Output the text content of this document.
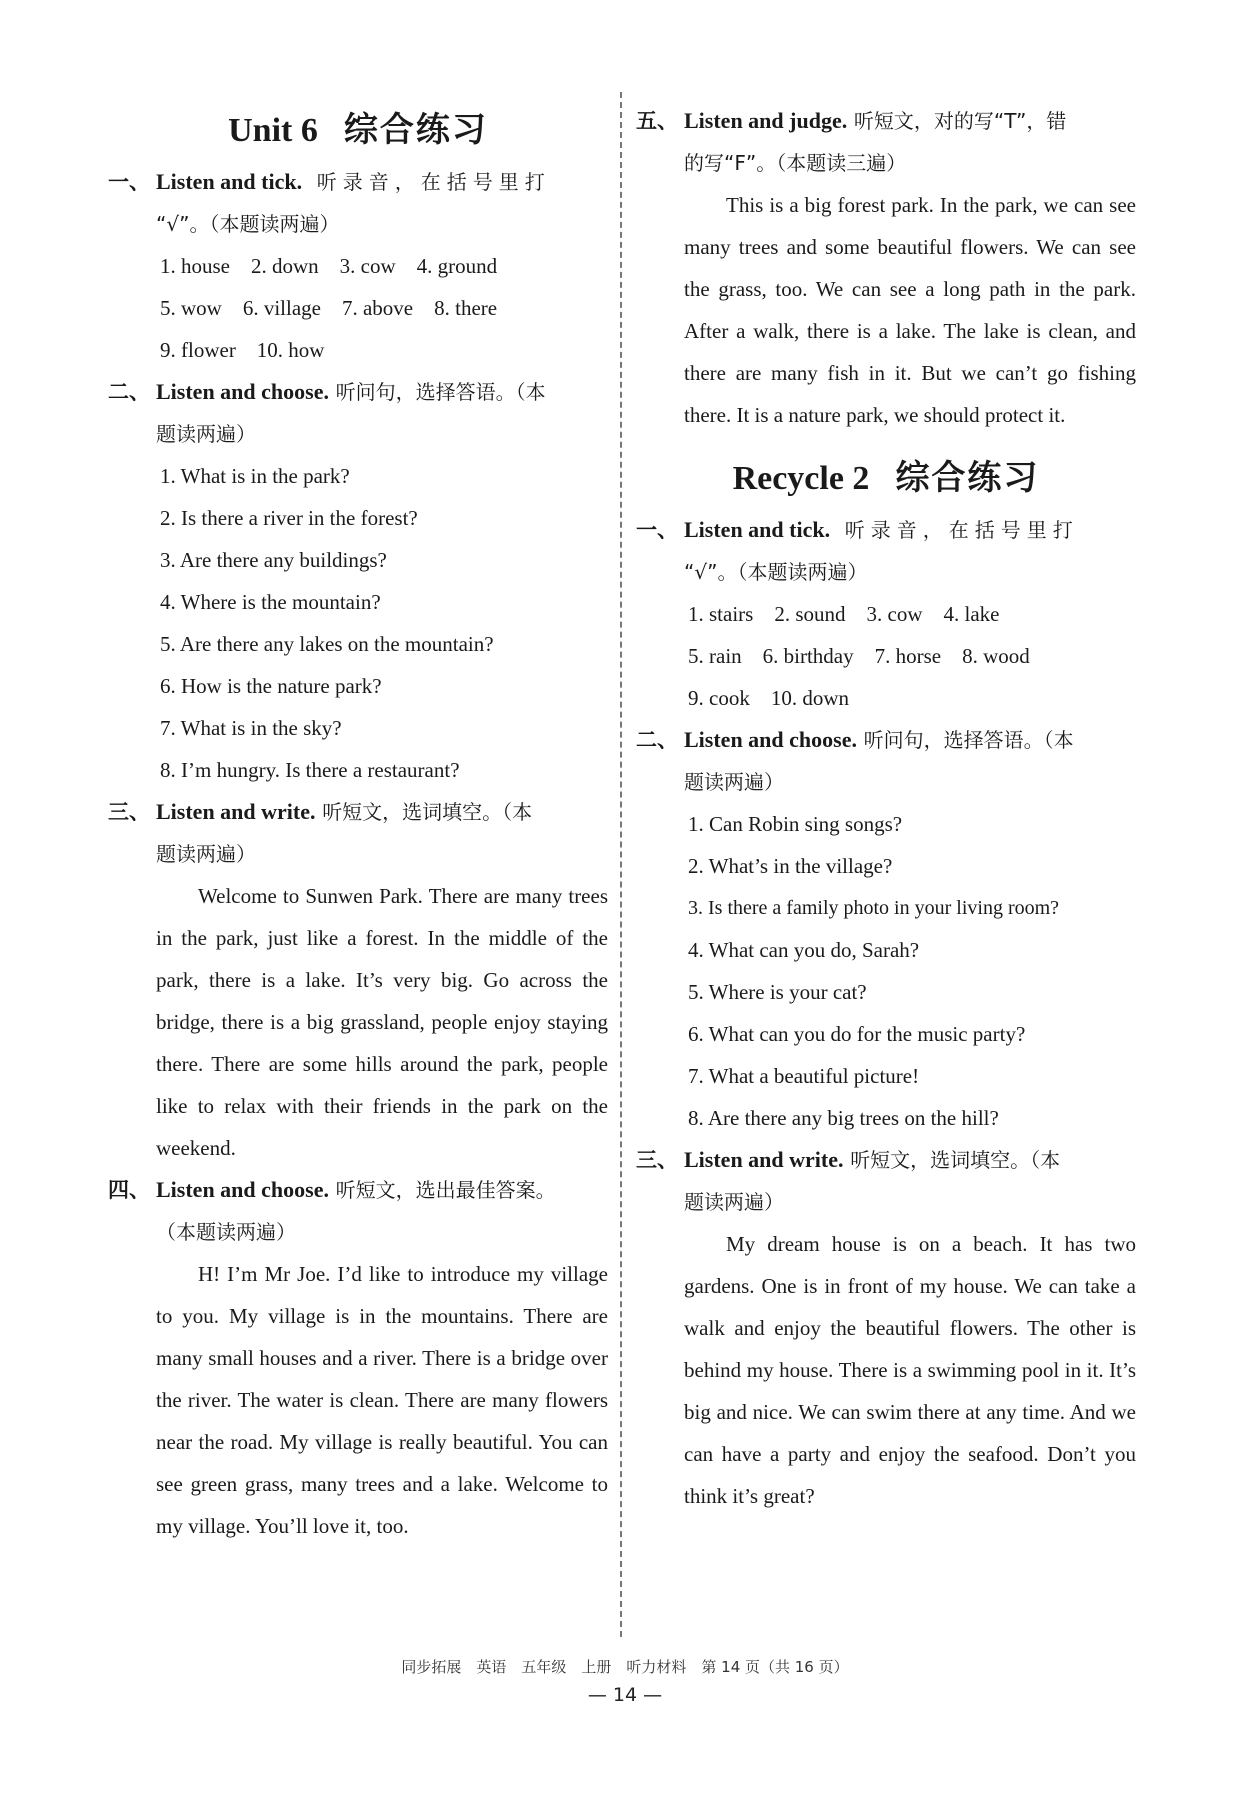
Unit 6 综合练习
一、 Listen and tick. 听录音，在括号里打
“√”。（本题读两遍）
1. house    2. down    3. cow    4. ground
5. wow    6. village    7. above    8. there
9. flower    10. how
二、 Listen and choose. 听问句，选择答语。（本
题读两遍）
1. What is in the park?
2. Is there a river in the forest?
3. Are there any buildings?
4. Where is the mountain?
5. Are there any lakes on the mountain?
6. How is the nature park?
7. What is in the sky?
8. I’m hungry. Is there a restaurant?
三、 Listen and write. 听短文，选词填空。（本
题读两遍）

Welcome to Sunwen Park. There are many trees in the park, just like a forest. In the middle of the park, there is a lake. It’s very big. Go across the bridge, there is a big grassland, people enjoy staying there. There are some hills around the park, people like to relax with their friends in the park on the weekend.

四、 Listen and choose. 听短文，选出最佳答案。
（本题读两遍）

H! I’m Mr Joe. I’d like to introduce my village to you. My village is in the mountains. There are many small houses and a river. There is a bridge over the river. The water is clean. There are many flowers near the road. My village is really beautiful. You can see green grass, many trees and a lake. Welcome to my village. You’ll love it, too.

五、 Listen and judge. 听短文，对的写“T”，错
的写“F”。（本题读三遍）

This is a big forest park. In the park, we can see many trees and some beautiful flowers. We can see the grass, too. We can see a long path in the park. After a walk, there is a lake. The lake is clean, and there are many fish in it. But we can’t go fishing there. It is a nature park, we should protect it.

Recycle 2 综合练习
一、 Listen and tick. 听录音，在括号里打
“√”。（本题读两遍）
1. stairs    2. sound    3. cow    4. lake
5. rain    6. birthday    7. horse    8. wood
9. cook    10. down
二、 Listen and choose. 听问句，选择答语。（本
题读两遍）
1. Can Robin sing songs?
2. What’s in the village?
3. Is there a family photo in your living room?
4. What can you do, Sarah?
5. Where is your cat?
6. What can you do for the music party?
7. What a beautiful picture!
8. Are there any big trees on the hill?
三、 Listen and write. 听短文，选词填空。（本
题读两遍）

My dream house is on a beach. It has two gardens. One is in front of my house. We can take a walk and enjoy the beautiful flowers. The other is behind my house. There is a swimming pool in it. It’s big and nice. We can swim there at any time. And we can have a party and enjoy the seafood. Don’t you think it’s great?

同步拓展　英语　五年级　上册　听力材料　第 14 页（共 16 页）
— 14 —
